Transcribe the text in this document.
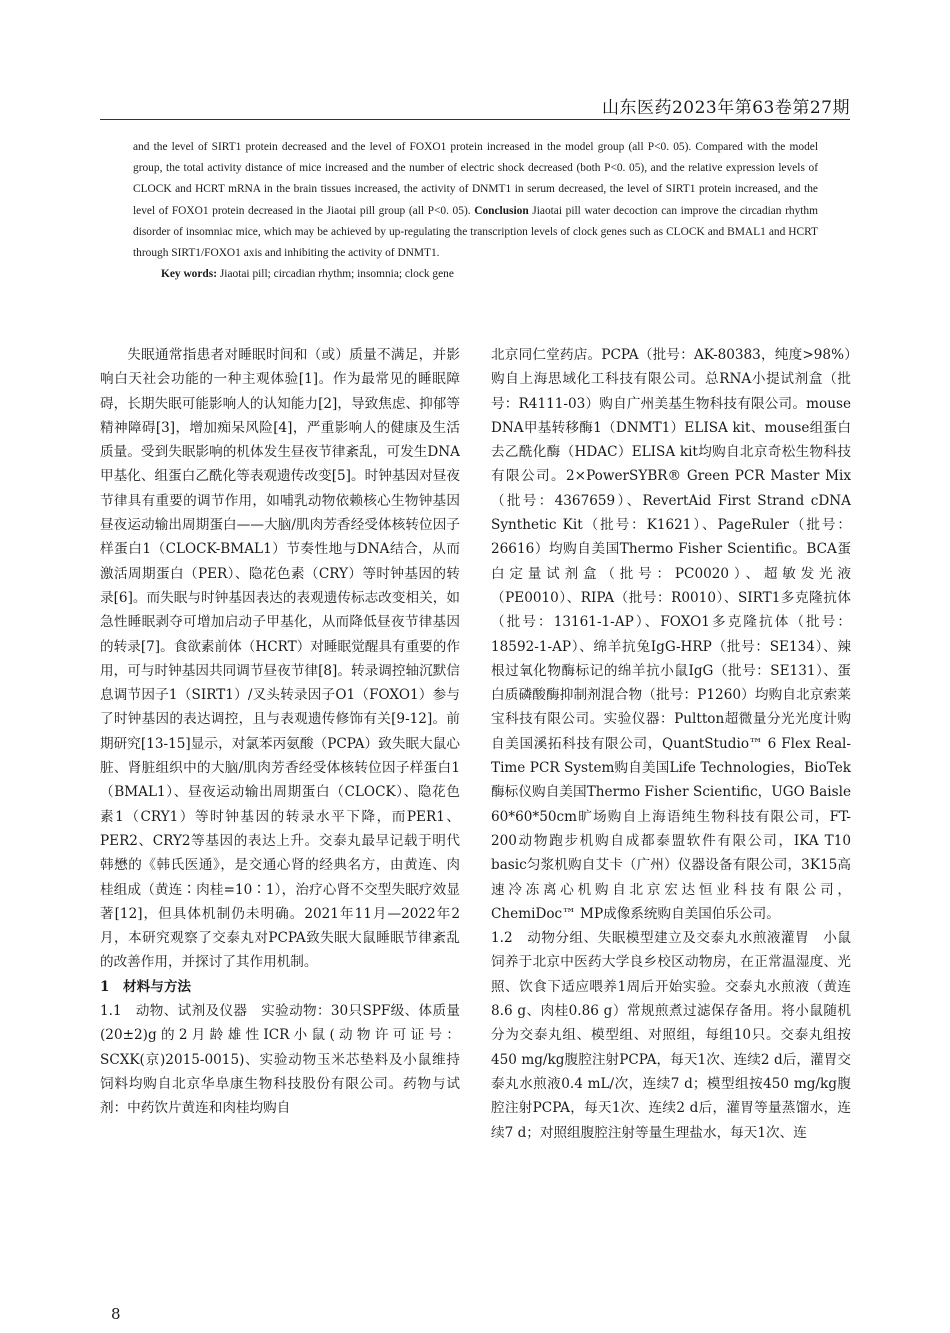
山东医药2023年第63卷第27期

and the level of SIRT1 protein decreased and the level of FOXO1 protein increased in the model group (all P<0. 05). Compared with the model group, the total activity distance of mice increased and the number of electric shock decreased (both P<0. 05), and the relative expression levels of CLOCK and HCRT mRNA in the brain tissues increased, the activity of DNMT1 in serum decreased, the level of SIRT1 protein increased, and the level of FOXO1 protein decreased in the Jiaotai pill group (all P<0. 05). Conclusion Jiaotai pill water decoction can improve the circadian rhythm disorder of insomniac mice, which may be achieved by up-regulating the transcription levels of clock genes such as CLOCK and BMAL1 and HCRT through SIRT1/FOXO1 axis and inhibiting the activity of DNMT1.

Key words: Jiaotai pill; circadian rhythm; insomnia; clock gene

失眠通常指患者对睡眠时间和（或）质量不满足，并影响白天社会功能的一种主观体验[1]。作为最常见的睡眠障碍，长期失眠可能影响人的认知能力[2]，导致焦虑、抑郁等精神障碍[3]，增加痴呆风险[4]，严重影响人的健康及生活质量。受到失眠影响的机体发生昼夜节律紊乱，可发生DNA甲基化、组蛋白乙酰化等表观遗传改变[5]。时钟基因对昼夜节律具有重要的调节作用，如哺乳动物依赖核心生物钟基因昼夜运动输出周期蛋白——大脑/肌肉芳香经受体核转位因子样蛋白1（CLOCK-BMAL1）节奏性地与DNA结合，从而激活周期蛋白（PER）、隐花色素（CRY）等时钟基因的转录[6]。而失眠与时钟基因表达的表观遗传标志改变相关，如急性睡眠剥夺可增加启动子甲基化，从而降低昼夜节律基因的转录[7]。食欲素前体（HCRT）对睡眠觉醒具有重要的作用，可与时钟基因共同调节昼夜节律[8]。转录调控轴沉默信息调节因子1（SIRT1）/叉头转录因子O1（FOXO1）参与了时钟基因的表达调控，且与表观遗传修饰有关[9-12]。前期研究[13-15]显示，对氯苯丙氨酸（PCPA）致失眠大鼠心脏、肾脏组织中的大脑/肌肉芳香经受体核转位因子样蛋白1（BMAL1）、昼夜运动输出周期蛋白（CLOCK）、隐花色素1（CRY1）等时钟基因的转录水平下降，而PER1、PER2、CRY2等基因的表达上升。交泰丸最早记载于明代韩懋的《韩氏医通》，是交通心肾的经典名方，由黄连、肉桂组成（黄连∶肉桂=10∶1），治疗心肾不交型失眠疗效显著[12]，但具体机制仍未明确。2021年11月—2022年2月，本研究观察了交泰丸对PCPA致失眠大鼠睡眠节律紊乱的改善作用，并探讨了其作用机制。

1　材料与方法

1.1　动物、试剂及仪器　实验动物：30只SPF级、体质量(20±2)g的2月龄雄性ICR小鼠(动物许可证号：SCXK(京)2015-0015)、实验动物玉米芯垫料及小鼠维持饲料均购自北京华阜康生物科技股份有限公司。药物与试剂：中药饮片黄连和肉桂均购自

北京同仁堂药店。PCPA（批号：AK-80383，纯度>98%）购自上海思域化工科技有限公司。总RNA小提试剂盒（批号：R4111-03）购自广州美基生物科技有限公司。mouse DNA甲基转移酶1（DNMT1）ELISA kit、mouse组蛋白去乙酰化酶（HDAC）ELISA kit均购自北京奇松生物科技有限公司。2×PowerSYBR® Green PCR Master Mix（批号：4367659）、RevertAid First Strand cDNA Synthetic Kit（批号：K1621）、PageRuler（批号：26616）均购自美国Thermo Fisher Scientific。BCA蛋白定量试剂盒（批号：PC0020）、超敏发光液（PE0010）、RIPA（批号：R0010）、SIRT1多克隆抗体（批号：13161-1-AP）、FOXO1多克隆抗体（批号：18592-1-AP）、绵羊抗兔IgG-HRP（批号：SE134）、辣根过氧化物酶标记的绵羊抗小鼠IgG（批号：SE131）、蛋白质磷酸酶抑制剂混合物（批号：P1260）均购自北京索莱宝科技有限公司。实验仪器：Pultton超微量分光光度计购自美国溪拓科技有限公司，QuantStudio™ 6 Flex Real-Time PCR System购自美国Life Technologies，BioTek酶标仪购自美国Thermo Fisher Scientific，UGO Baisle 60*60*50cm旷场购自上海语纯生物科技有限公司，FT-200动物跑步机购自成都泰盟软件有限公司，IKA T10 basic匀浆机购自艾卡（广州）仪器设备有限公司，3K15高速冷冻离心机购自北京宏达恒业科技有限公司，ChemiDoc™ MP成像系统购自美国伯乐公司。

1.2　动物分组、失眠模型建立及交泰丸水煎液灌胃　小鼠饲养于北京中医药大学良乡校区动物房，在正常温湿度、光照、饮食下适应喂养1周后开始实验。交泰丸水煎液（黄连8.6 g、肉桂0.86 g）常规煎煮过滤保存备用。将小鼠随机分为交泰丸组、模型组、对照组，每组10只。交泰丸组按450 mg/kg腹腔注射PCPA，每天1次、连续2 d后，灌胃交泰丸水煎液0.4 mL/次，连续7 d；模型组按450 mg/kg腹腔注射PCPA，每天1次、连续2 d后，灌胃等量蒸馏水，连续7 d；对照组腹腔注射等量生理盐水，每天1次、连

8
